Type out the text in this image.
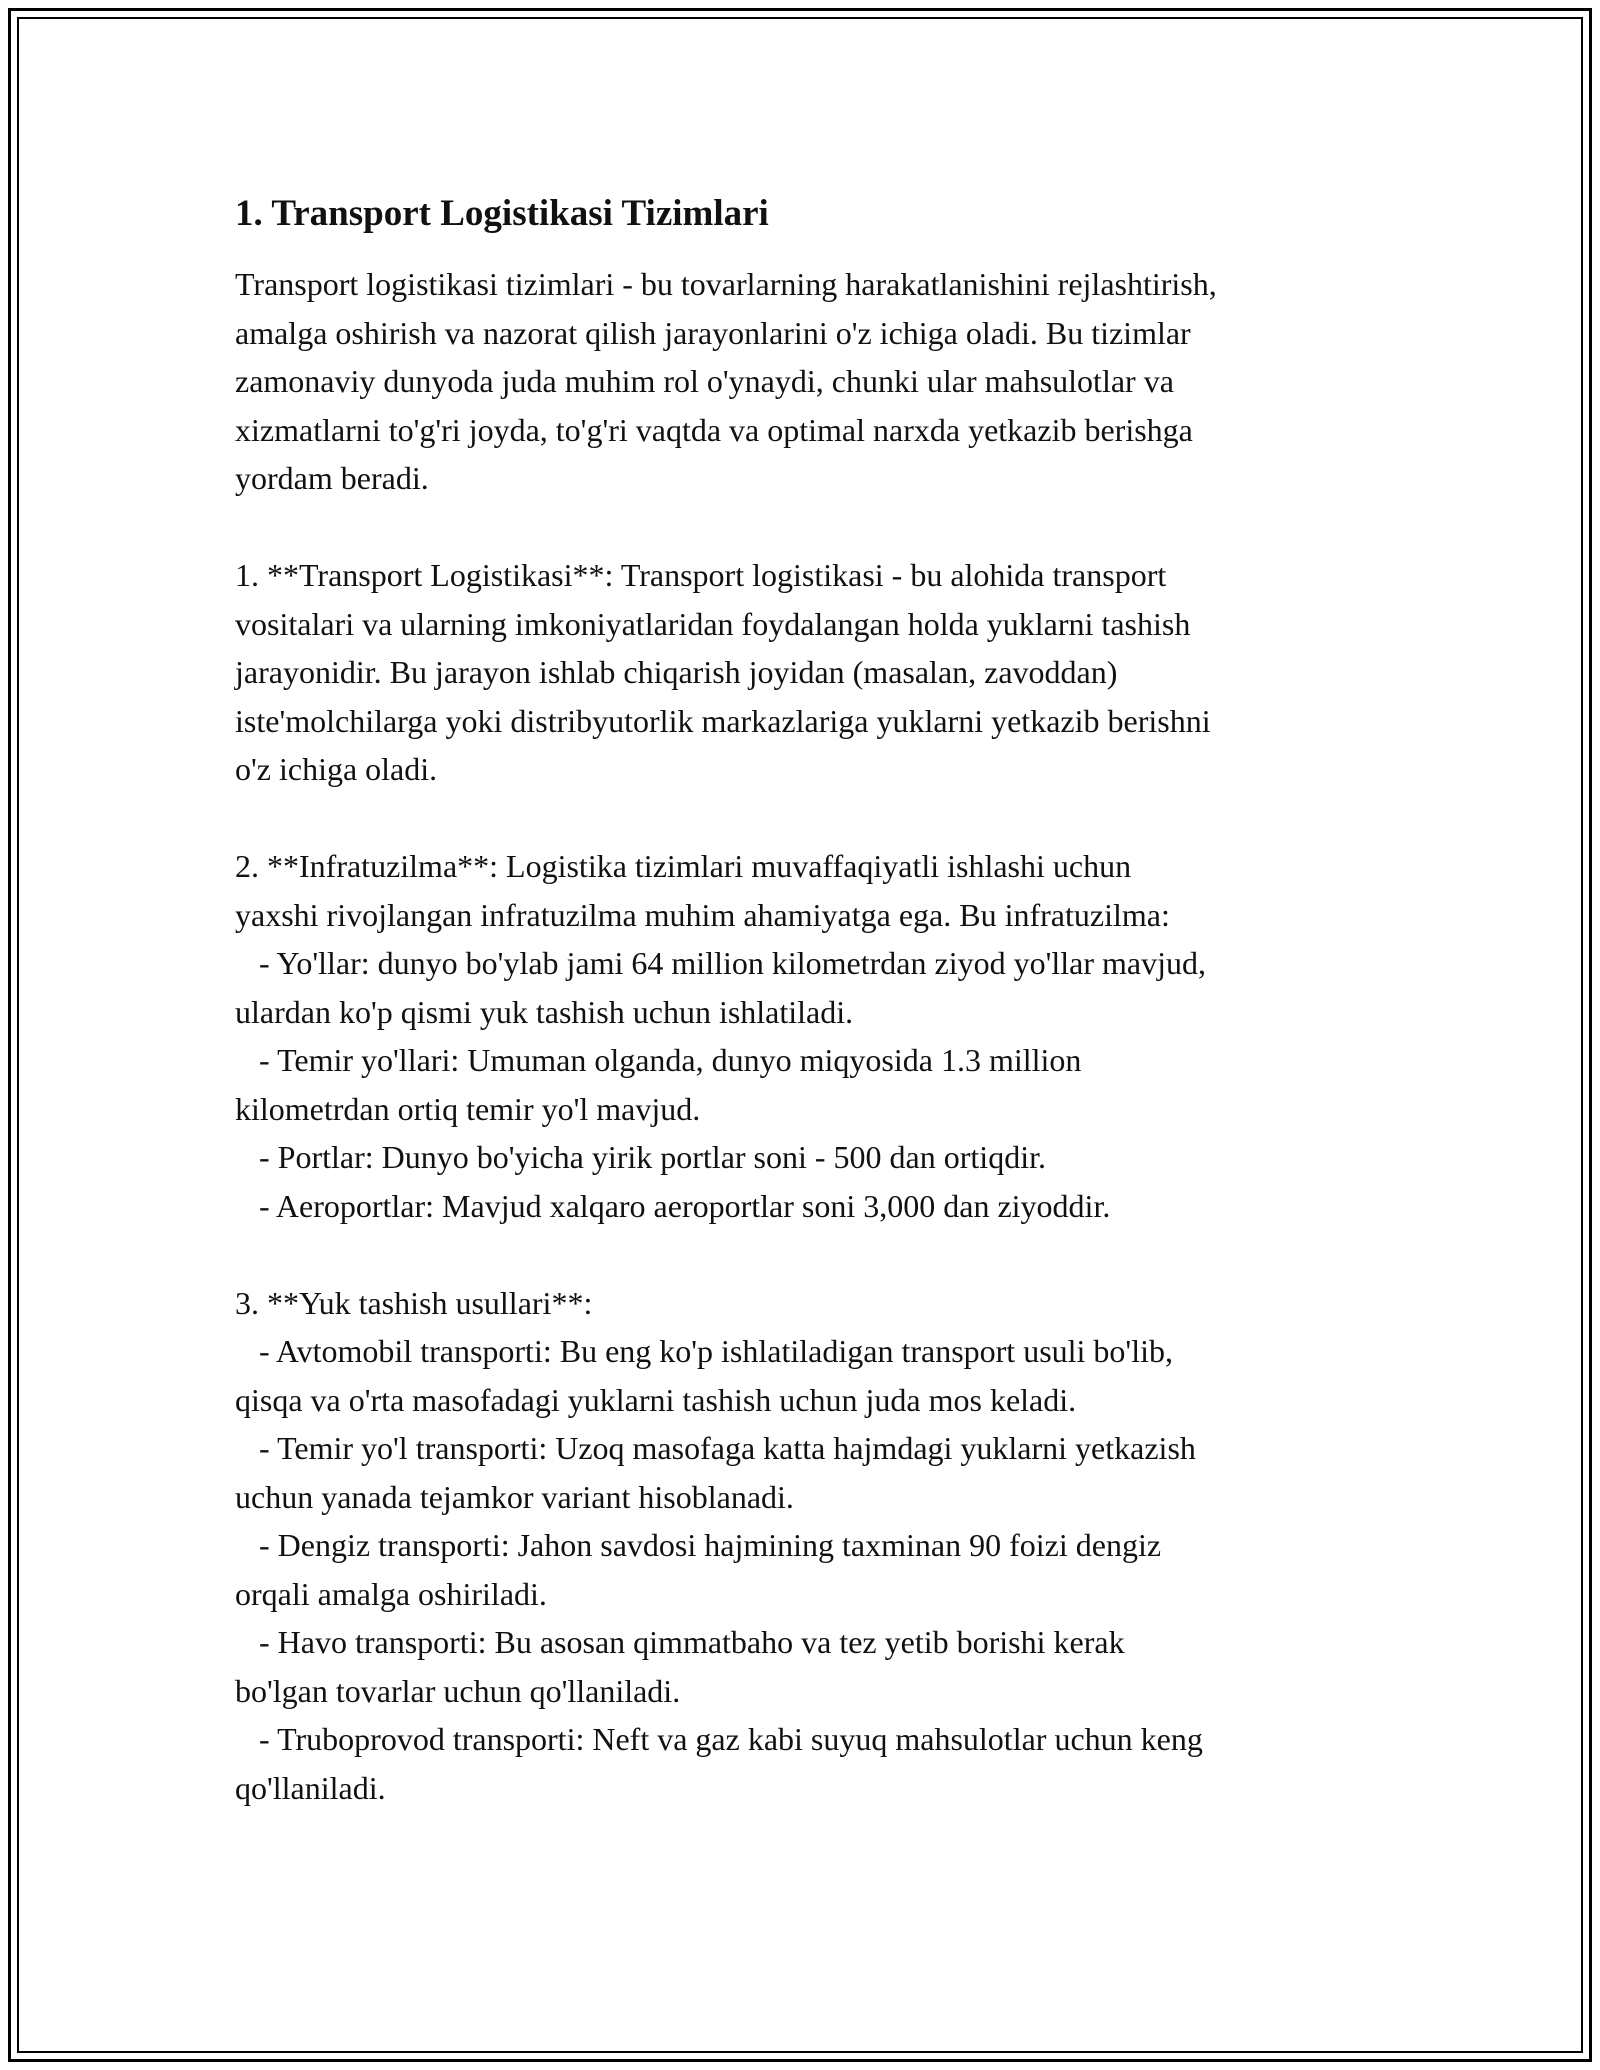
1. Transport Logistikasi Tizimlari

Transport logistikasi tizimlari - bu tovarlarning harakatlanishini rejlashtirish,
amalga oshirish va nazorat qilish jarayonlarini o'z ichiga oladi. Bu tizimlar
zamonaviy dunyoda juda muhim rol o'ynaydi, chunki ular mahsulotlar va
xizmatlarni to'g'ri joyda, to'g'ri vaqtda va optimal narxda yetkazib berishga
yordam beradi.

1. **Transport Logistikasi**: Transport logistikasi - bu alohida transport
vositalari va ularning imkoniyatlaridan foydalangan holda yuklarni tashish
jarayonidir. Bu jarayon ishlab chiqarish joyidan (masalan, zavoddan)
iste'molchilarga yoki distribyutorlik markazlariga yuklarni yetkazib berishni
o'z ichiga oladi.

2. **Infratuzilma**: Logistika tizimlari muvaffaqiyatli ishlashi uchun
yaxshi rivojlangan infratuzilma muhim ahamiyatga ega. Bu infratuzilma:
- Yo'llar: dunyo bo'ylab jami 64 million kilometrdan ziyod yo'llar mavjud,
ulardan ko'p qismi yuk tashish uchun ishlatiladi.
- Temir yo'llari: Umuman olganda, dunyo miqyosida 1.3 million
kilometrdan ortiq temir yo'l mavjud.
- Portlar: Dunyo bo'yicha yirik portlar soni - 500 dan ortiqdir.
- Aeroportlar: Mavjud xalqaro aeroportlar soni 3,000 dan ziyoddir.

3. **Yuk tashish usullari**:
- Avtomobil transporti: Bu eng ko'p ishlatiladigan transport usuli bo'lib,
qisqa va o'rta masofadagi yuklarni tashish uchun juda mos keladi.
- Temir yo'l transporti: Uzoq masofaga katta hajmdagi yuklarni yetkazish
uchun yanada tejamkor variant hisoblanadi.
- Dengiz transporti: Jahon savdosi hajmining taxminan 90 foizi dengiz
orqali amalga oshiriladi.
- Havo transporti: Bu asosan qimmatbaho va tez yetib borishi kerak
bo'lgan tovarlar uchun qo'llaniladi.
- Truboprovod transporti: Neft va gaz kabi suyuq mahsulotlar uchun keng
qo'llaniladi.
